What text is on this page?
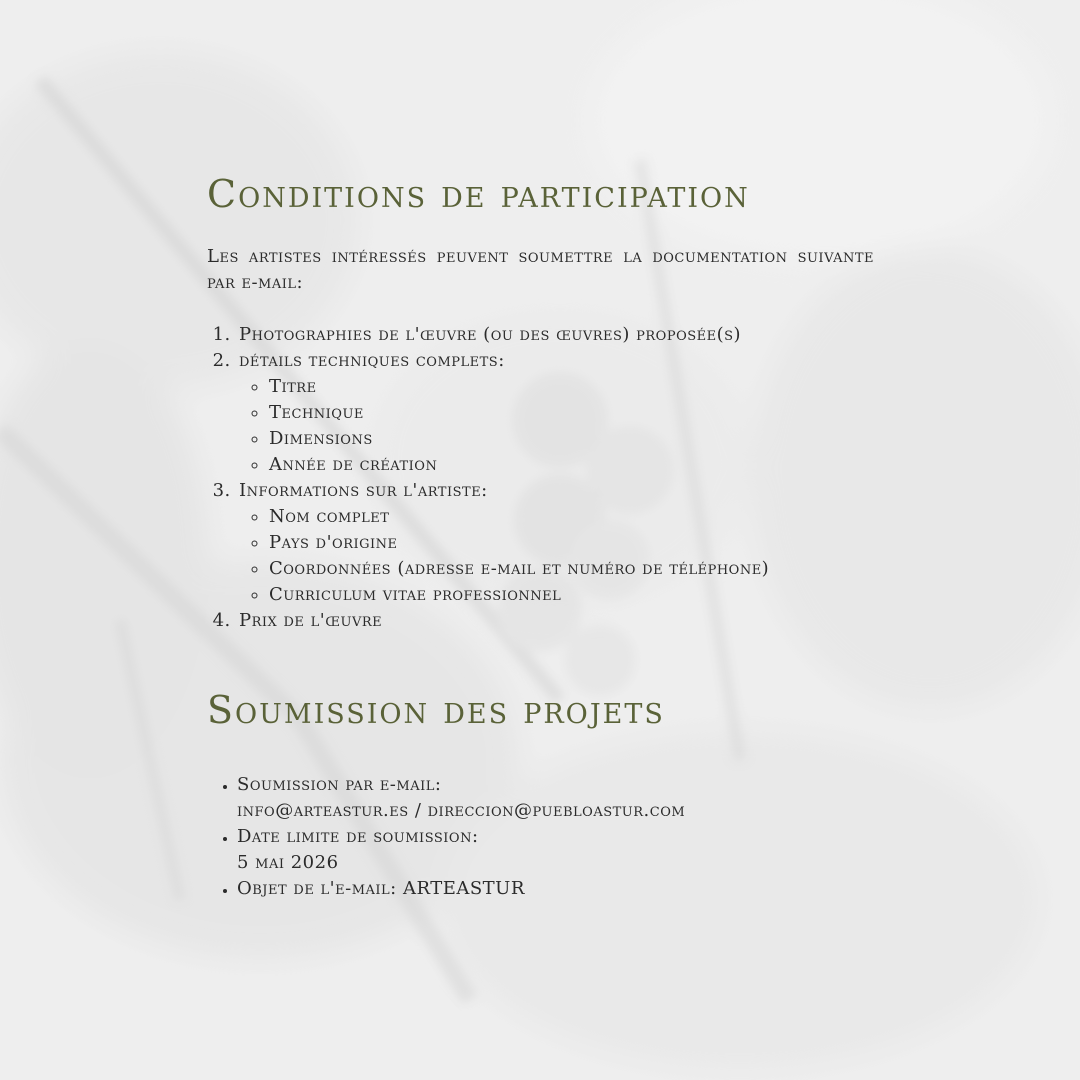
Conditions de participation

Les artistes intéressés peuvent soumettre la documentation suivante par e-mail:

1. Photographies de l'œuvre (ou des œuvres) proposée(s)
2. détails techniques complets:
◦ Titre
◦ Technique
◦ Dimensions
◦ Année de création
3. Informations sur l'artiste:
◦ Nom complet
◦ Pays d'origine
◦ Coordonnées (adresse e-mail et numéro de téléphone)
◦ Curriculum vitae professionnel
4. Prix de l'œuvre
Soumission des projets
• Soumission par e-mail:
info@arteastur.es / direccion@puebloastur.com
• Date limite de soumission:
5 mai 2026
• Objet de l'e-mail: ARTEASTUR
